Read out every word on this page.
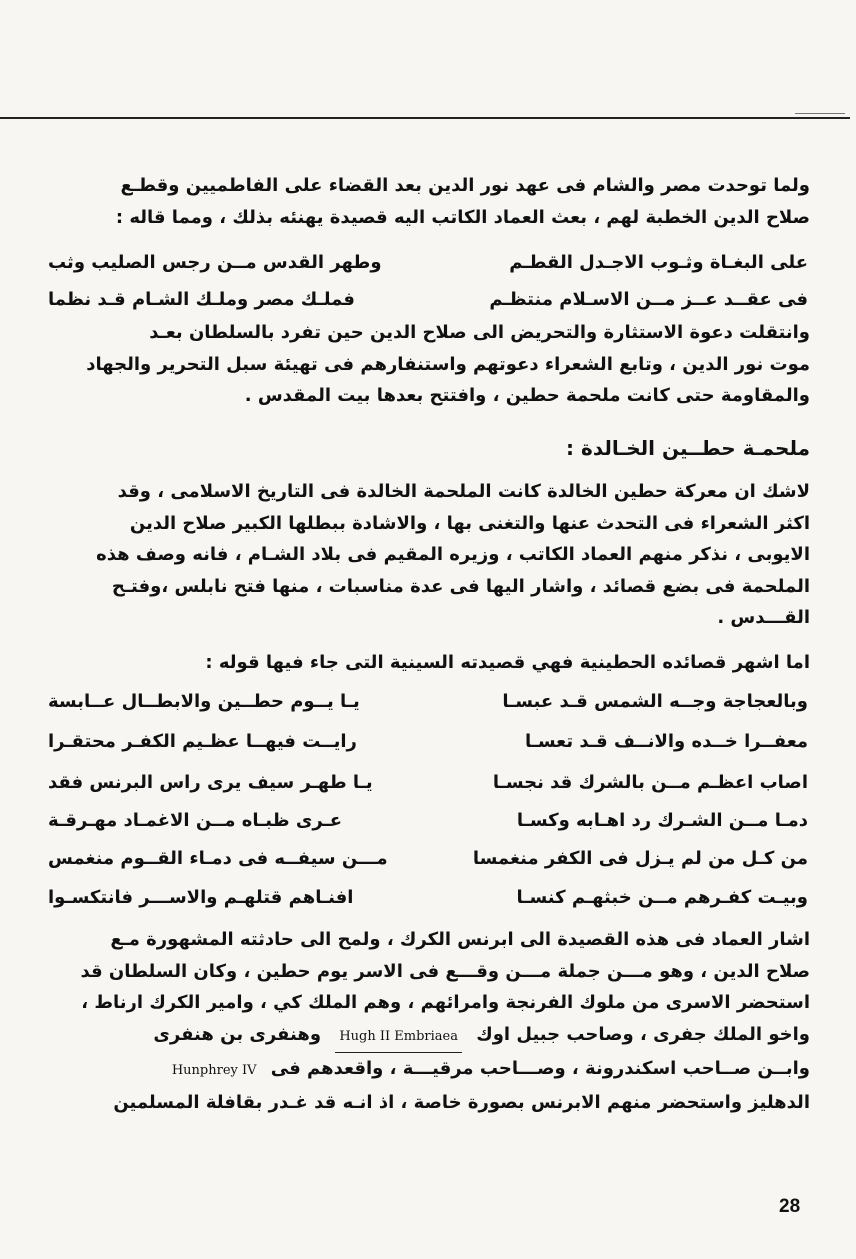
ولما توحدت مصر والشام فى عهد نور الدين بعد القضاء على الفاطميين وقطـع
صلاح الدين الخطبة لهم ، بعث العماد الكاتب اليه قصيدة يهنئه بذلك ، ومما قاله :

وطهر القدس مــن رجس الصليب وثب	على البغـاة وثـوب الاجـدل القطـم
فملـك مصر وملـك الشـام قـد نظما	فى عقــد عــز مــن الاسـلام منتظـم

وانتقلت دعوة الاستثارة والتحريض الى صلاح الدين حين تفرد بالسلطان بعـد
موت نور الدين ، وتابع الشعراء دعوتهم واستنفارهم فى تهيئة سبل التحرير والجهاد
والمقاومة حتى كانت ملحمة حطين ، وافتتح بعدها بيت المقدس .

ملحمـة حطــين الخـالدة :

لاشك ان معركة حطين الخالدة كانت الملحمة الخالدة فى التاريخ الاسلامى ، وقد
اكثر الشعراء فى التحدث عنها والتغنى بها ، والاشادة ببطلها الكبير صلاح الدين
الايوبى ، نذكر منهم العماد الكاتب ، وزيره المقيم فى بلاد الشـام ، فانه وصف هذه
الملحمة فى بضع قصائد ، واشار اليها فى عدة مناسبات ، منها فتح نابلس ،وفتـح
القـــدس .

اما اشهر قصائده الحطينية فهي قصيدته السينية التى جاء فيها قوله :

يـا يــوم حطــين والابطــال عــابسة	وبالعجاجة وجــه الشمس قـد عبسـا
رايــت فيهــا عظـيم الكفـر محتقـرا	معفــرا خــده والانــف قـد تعسـا
يـا طهـر سيف يرى راس البرنس فقد	اصاب اعظـم مــن بالشرك قد نجسـا
عـرى ظبـاه مــن الاغمـاد مهـرقـة	دمـا مــن الشـرك رد اهـابه وكسـا
مـــن سيفــه فى دمـاء القــوم منغمس	من كـل من لم يـزل فى الكفر منغمسا
افنـاهم قتلهـم والاســـر فانتكسـوا	وبيـت كفـرهم مــن خبثهـم كنسـا

اشار العماد فى هذه القصيدة الى ابرنس الكرك ، ولمح الى حادثته المشهورة مـع
صلاح الدين ، وهو مـــن جملة مـــن وقـــع فى الاسر يوم حطين ، وكان السلطان قد
استحضر الاسرى من ملوك الفرنجة وامرائهم ، وهم الملك كي ، وامير الكرك ارناط ،
واخو الملك جفرى ، وصاحب جبيل اوك Hugh II Embriaea وهنفرى بن هنفرى
وابــن صــاحب اسكندرونة ، وصـــاحب مرقيـــة ، واقعدهم فى Hunphrey IV
الدهليز واستحضر منهم الابرنس بصورة خاصة ، اذ انـه قد غـدر بقافلة المسلمين

28
